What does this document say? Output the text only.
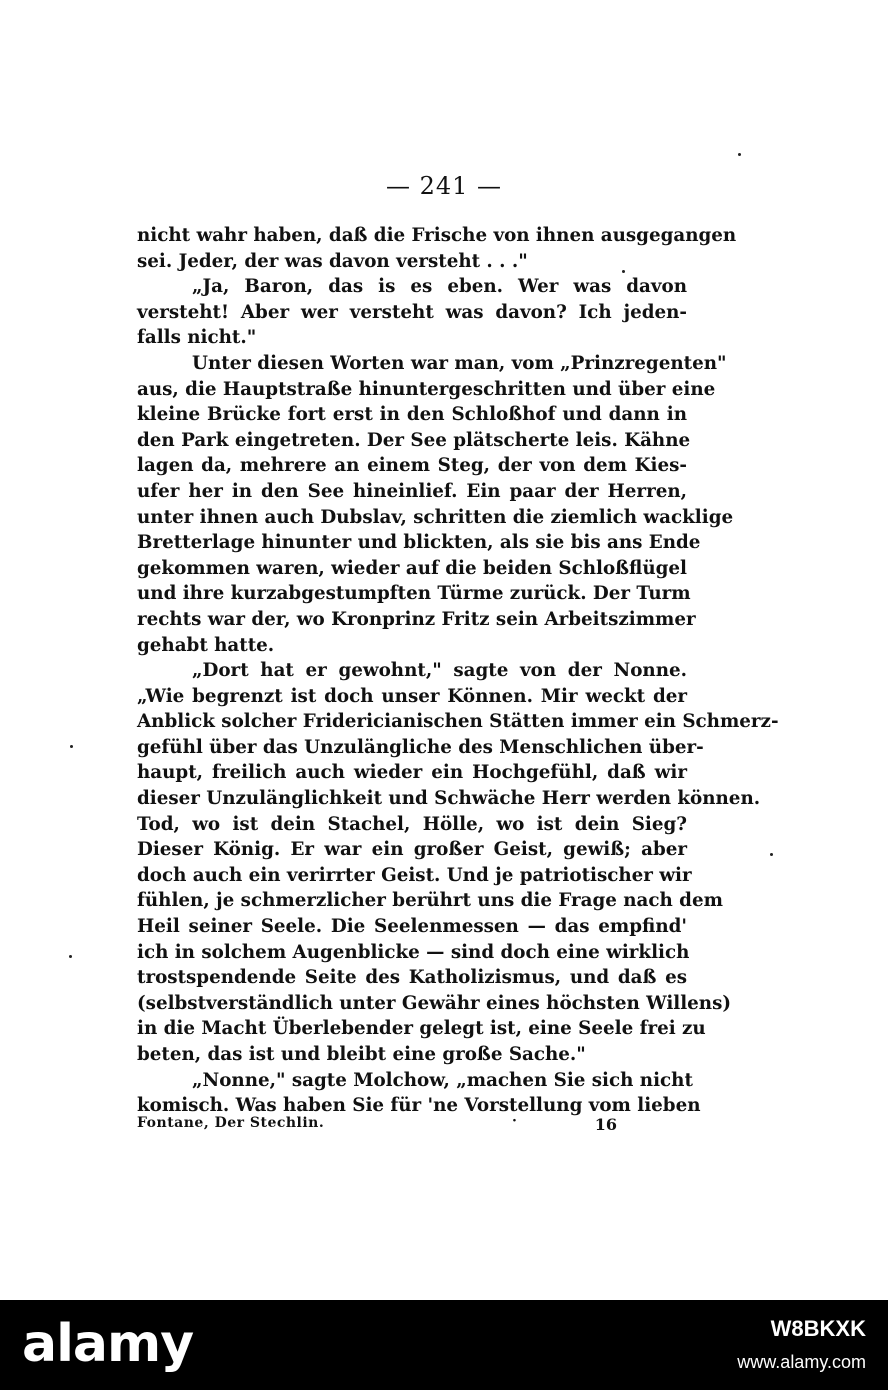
— 241 —
nicht wahr haben, daß die Frische von ihnen ausgegangen
sei. Jeder, der was davon versteht . . ."
„Ja, Baron, das is es eben. Wer was davon
versteht! Aber wer versteht was davon? Ich jeden-
falls nicht."
Unter diesen Worten war man, vom „Prinzregenten"
aus, die Hauptstraße hinuntergeschritten und über eine
kleine Brücke fort erst in den Schloßhof und dann in
den Park eingetreten. Der See plätscherte leis. Kähne
lagen da, mehrere an einem Steg, der von dem Kies-
ufer her in den See hineinlief. Ein paar der Herren,
unter ihnen auch Dubslav, schritten die ziemlich wacklige
Bretterlage hinunter und blickten, als sie bis ans Ende
gekommen waren, wieder auf die beiden Schloßflügel
und ihre kurzabgestumpften Türme zurück. Der Turm
rechts war der, wo Kronprinz Fritz sein Arbeitszimmer
gehabt hatte.
„Dort hat er gewohnt," sagte von der Nonne.
„Wie begrenzt ist doch unser Können. Mir weckt der
Anblick solcher Fridericianischen Stätten immer ein Schmerz-
gefühl über das Unzulängliche des Menschlichen über-
haupt, freilich auch wieder ein Hochgefühl, daß wir
dieser Unzulänglichkeit und Schwäche Herr werden können.
Tod, wo ist dein Stachel, Hölle, wo ist dein Sieg?
Dieser König. Er war ein großer Geist, gewiß; aber
doch auch ein verirrter Geist. Und je patriotischer wir
fühlen, je schmerzlicher berührt uns die Frage nach dem
Heil seiner Seele. Die Seelenmessen — das empfind'
ich in solchem Augenblicke — sind doch eine wirklich
trostspendende Seite des Katholizismus, und daß es
(selbstverständlich unter Gewähr eines höchsten Willens)
in die Macht Überlebender gelegt ist, eine Seele frei zu
beten, das ist und bleibt eine große Sache."
„Nonne," sagte Molchow, „machen Sie sich nicht
komisch. Was haben Sie für 'ne Vorstellung vom lieben
Fontane, Der Stechlin.	·	16
alamy	W8BKXK
www.alamy.com
